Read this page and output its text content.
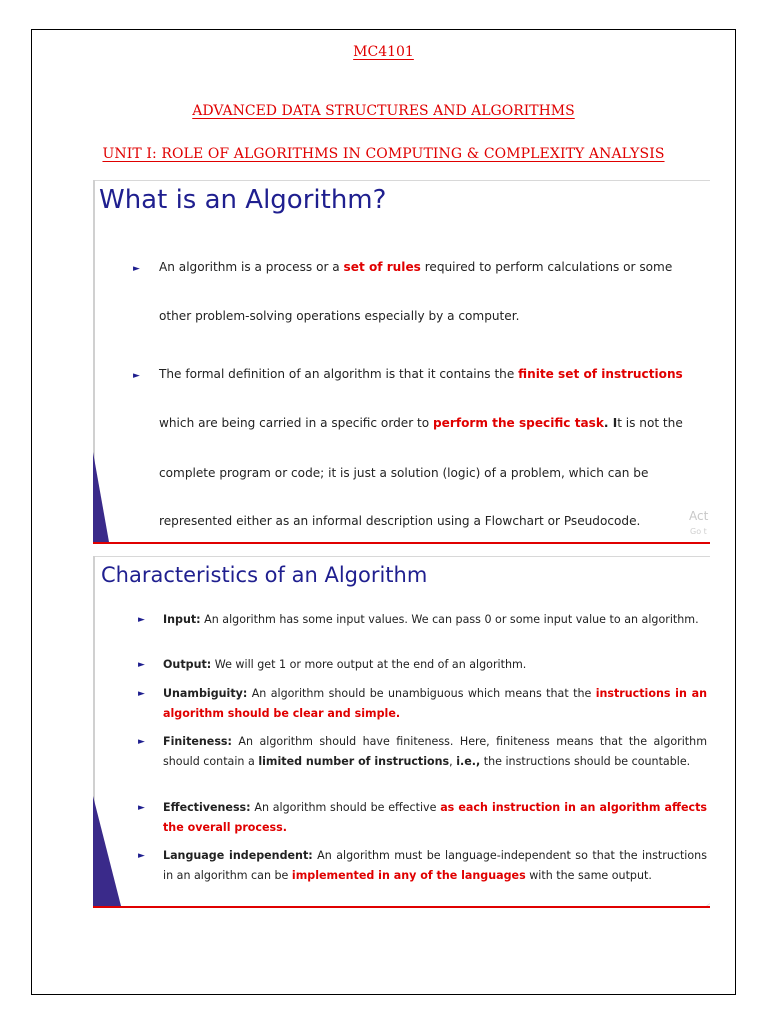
MC4101
ADVANCED DATA STRUCTURES AND ALGORITHMS
UNIT I: ROLE OF ALGORITHMS IN COMPUTING & COMPLEXITY ANALYSIS
What is an Algorithm?
► An algorithm is a process or a set of rules required to perform calculations or some

other problem-solving operations especially by a computer.

► The formal definition of an algorithm is that it contains the finite set of instructions

which are being carried in a specific order to perform the specific task. It is not the

complete program or code; it is just a solution (logic) of a problem, which can be

represented either as an informal description using a Flowchart or Pseudocode.	Act
Go t
Characteristics of an Algorithm
► Input: An algorithm has some input values. We can pass 0 or some input value to an algorithm.

► Output: We will get 1 or more output at the end of an algorithm.

► Unambiguity: An algorithm should be unambiguous which means that the instructions in an algorithm should be clear and simple.

► Finiteness: An algorithm should have finiteness. Here, finiteness means that the algorithm should contain a limited number of instructions, i.e., the instructions should be countable.

► Effectiveness: An algorithm should be effective as each instruction in an algorithm affects the overall process.

► Language independent: An algorithm must be language-independent so that the instructions in an algorithm can be implemented in any of the languages with the same output.
